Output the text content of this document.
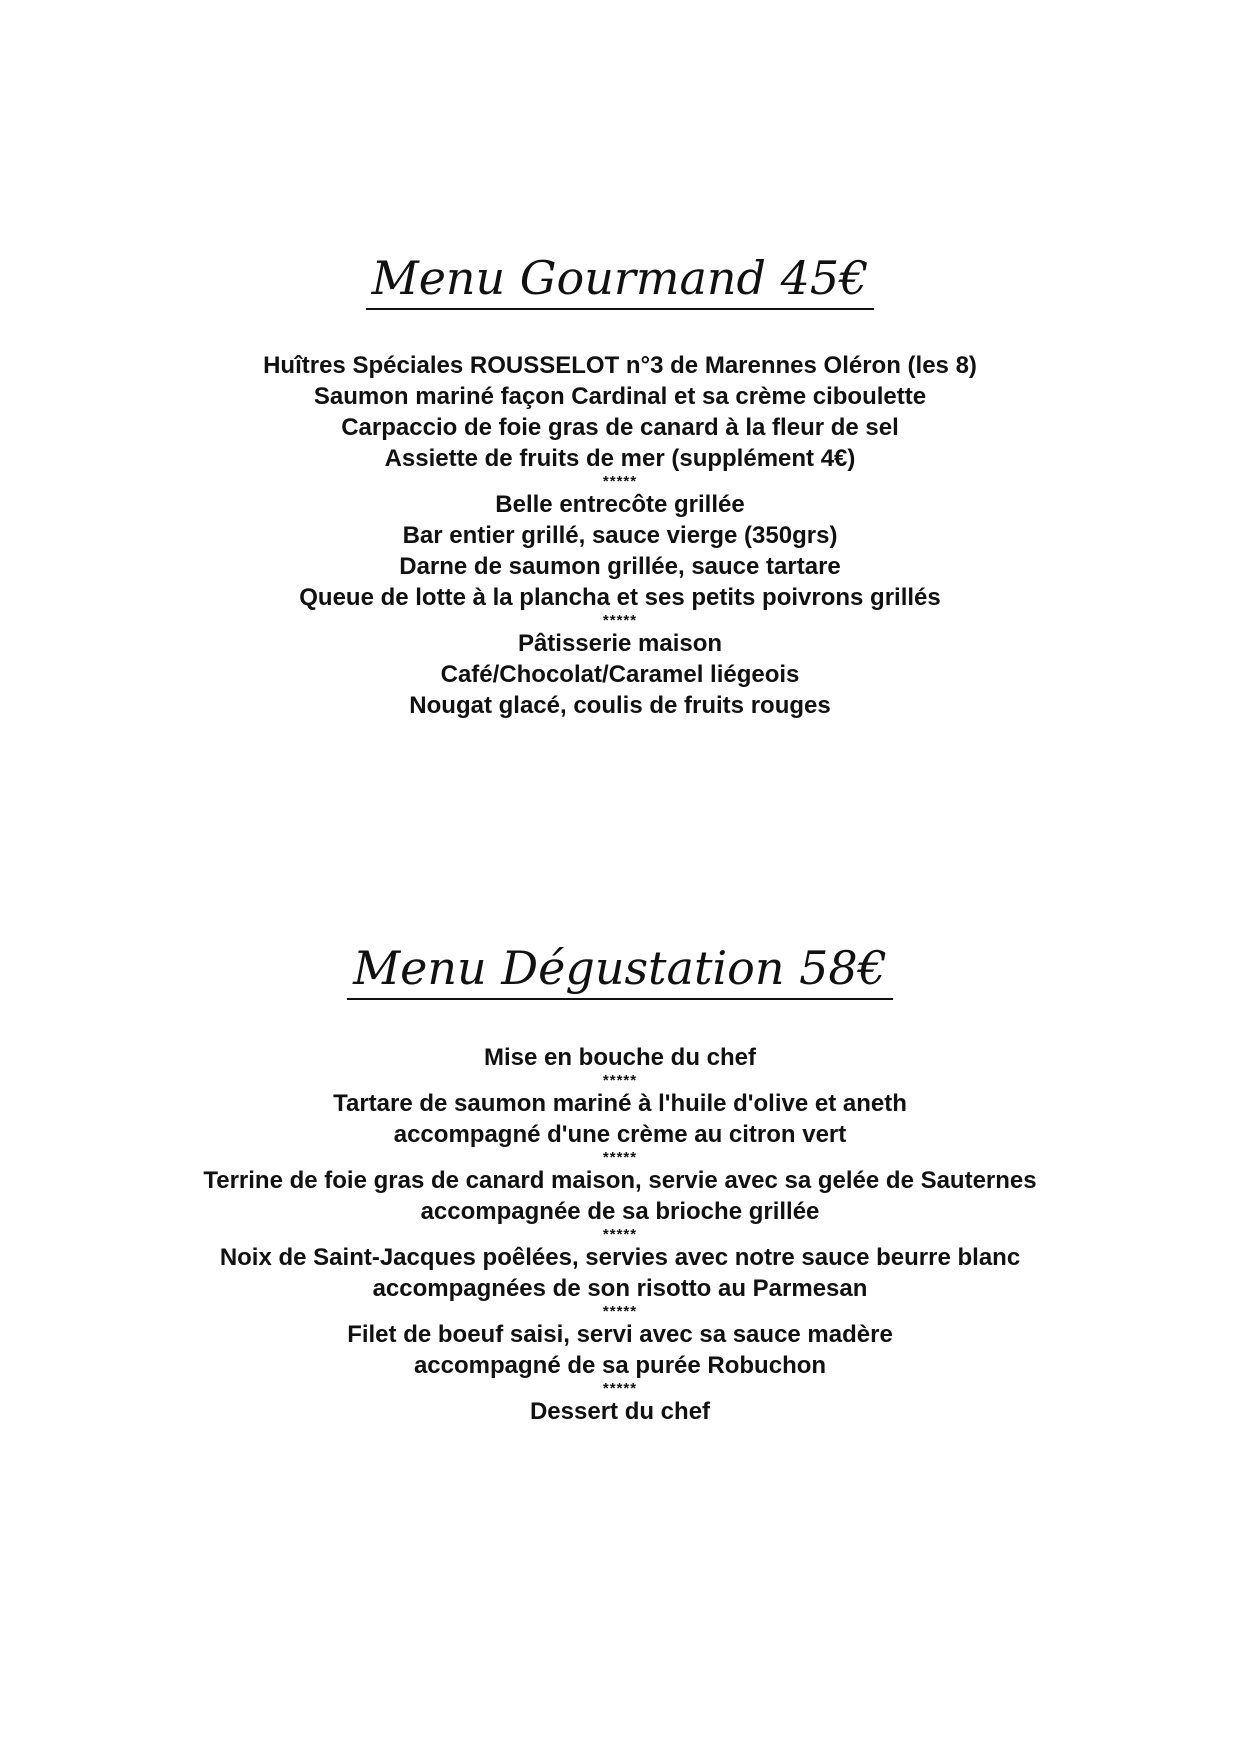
Menu Gourmand 45€
Huîtres Spéciales ROUSSELOT n°3 de Marennes Oléron (les 8)
Saumon mariné façon Cardinal et sa crème ciboulette
Carpaccio de foie gras de canard à la fleur de sel
Assiette de fruits de mer (supplément 4€)
*****
Belle entrecôte grillée
Bar entier grillé, sauce vierge (350grs)
Darne de saumon grillée, sauce tartare
Queue de lotte à la plancha et ses petits poivrons grillés
*****
Pâtisserie maison
Café/Chocolat/Caramel liégeois
Nougat glacé, coulis de fruits rouges
Menu Dégustation 58€
Mise en bouche du chef
*****
Tartare de saumon mariné à l'huile d'olive et aneth
accompagné d'une crème au citron vert
*****
Terrine de foie gras de canard maison, servie avec sa gelée de Sauternes
accompagnée de sa brioche grillée
*****
Noix de Saint-Jacques poêlées, servies avec notre sauce beurre blanc
accompagnées de son risotto au Parmesan
*****
Filet de boeuf saisi, servi avec sa sauce madère
accompagné de sa purée Robuchon
*****
Dessert du chef
